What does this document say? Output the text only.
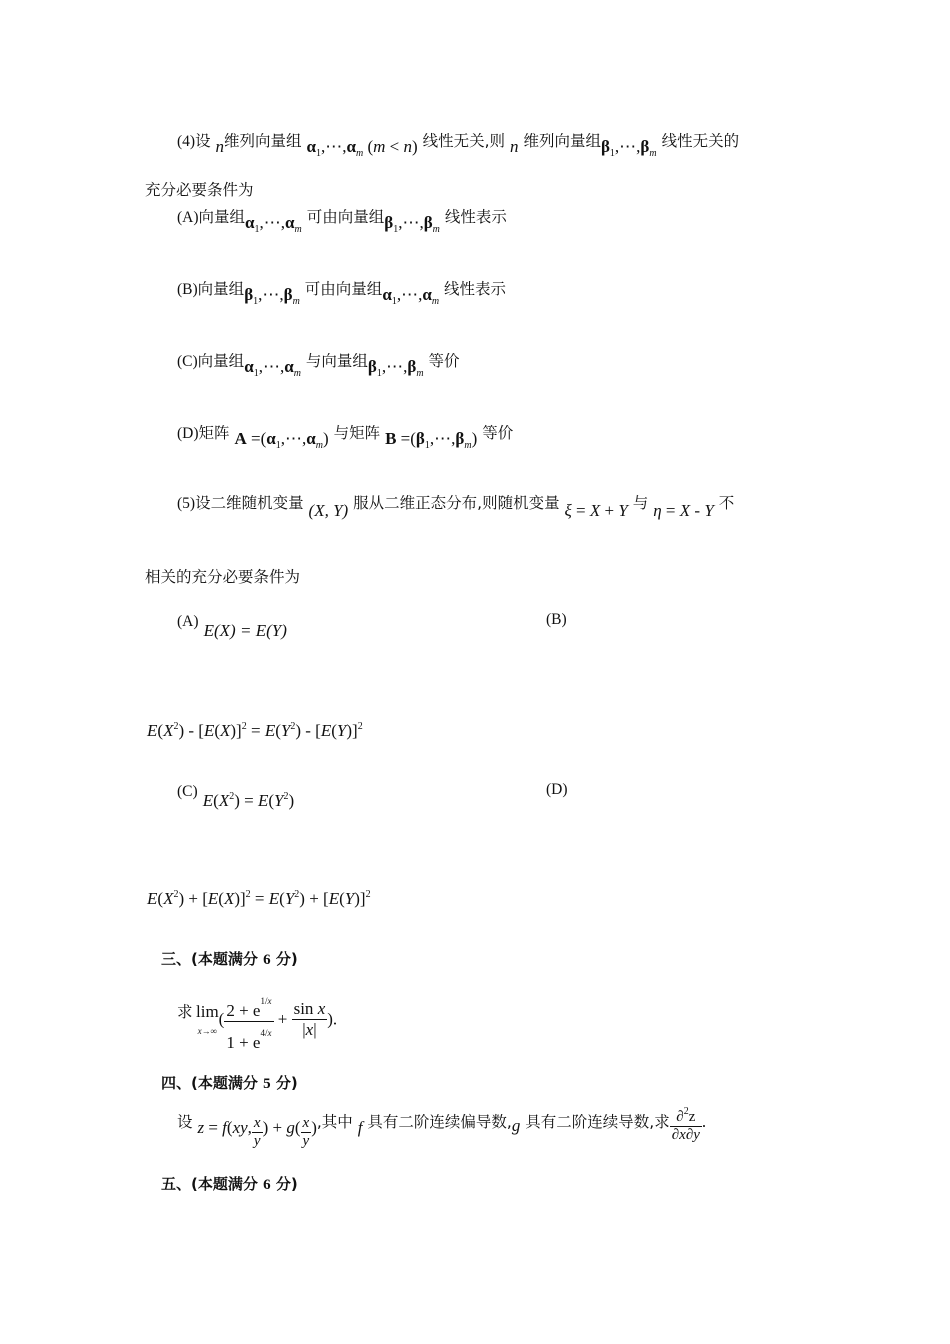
(4)设 n维列向量组 $\alpha_1,\cdots,\alpha_m$ (m < n) 线性无关,则 n 维列向量组$\beta_1,\cdots,\beta_m$ 线性无关的
充分必要条件为
(A)向量组$\alpha_1,\cdots,\alpha_m$ 可由向量组$\beta_1,\cdots,\beta_m$ 线性表示
(B)向量组$\beta_1,\cdots,\beta_m$ 可由向量组$\alpha_1,\cdots,\alpha_m$ 线性表示
(C)向量组$\alpha_1,\cdots,\alpha_m$ 与向量组$\beta_1,\cdots,\beta_m$ 等价
(D)矩阵 $A =(\alpha_1,\cdots,\alpha_m)$ 与矩阵 $B =(\beta_1,\cdots,\beta_m)$ 等价
(5)设二维随机变量 (X, Y) 服从二维正态分布,则随机变量 ξ = X + Y 与 η = X - Y 不
相关的充分必要条件为
(A) E(X) = E(Y)
(B)
$E(X^2) - [E(X)]^2 = E(Y^2) - [E(Y)]^2$
(C) $E(X^2) = E(Y^2)$
(D)
$E(X^2) + [E(X)]^2 = E(Y^2) + [E(Y)]^2$
三、(本题满分 6 分)
求 lim
$x\to\infty( \frac{2 + e^{1/x}}{1 + e^{4/x}} + \frac{\text{sin x}}{|x|}$ ).
四、(本题满分 5 分)
设 z = f(xy, $\frac{x}{y}$ ) + $g( \frac{x}{y}$ ),其中 f 具有二阶连续偏导数,g 具有二阶连续导数,求 $\frac{\partial^2z}{\partial x\partial y}$ .
五、(本题满分 6 分)
